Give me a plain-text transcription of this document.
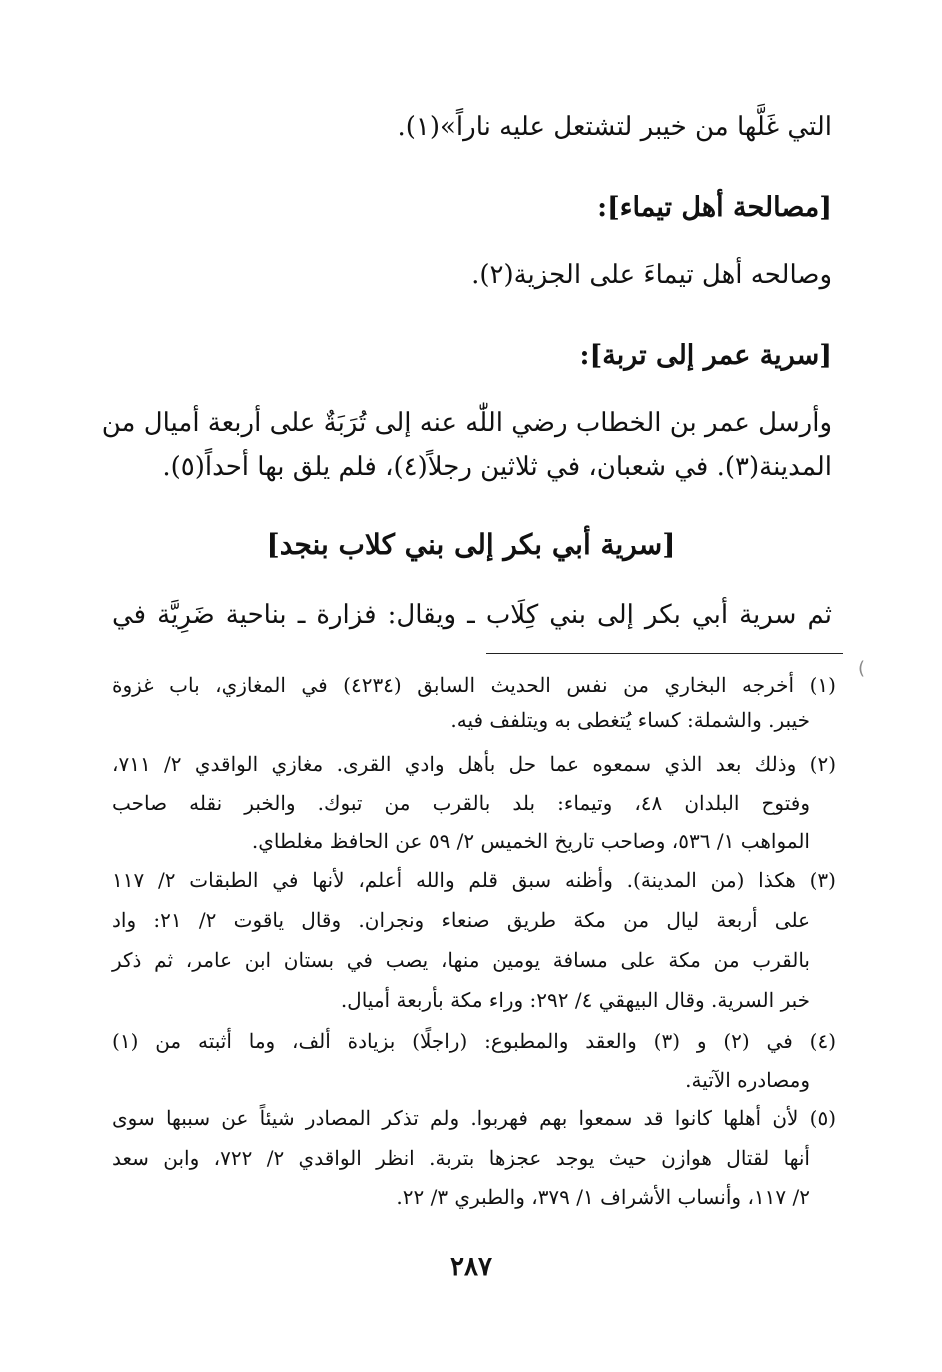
التي غَلَّها من خيبر لتشتعل عليه ناراً»(١).
[مصالحة أهل تيماء]:
وصالحه أهل تيماءَ على الجزية(٢).
[سرية عمر إلى تربة]:
وأرسل عمر بن الخطاب رضي اللّٰه عنه إلى تُرَبَةٌ على أربعة أميال من
المدينة(٣). في شعبان، في ثلاثين رجلاً(٤)، فلم يلق بها أحداً(٥).
[سرية أبي بكر إلى بني كلاب بنجد]
ثم سرية أبي بكر إلى بني كِلَاب ـ ويقال: فزارة ـ بناحية ضَرِيَّة في
(
(١) أخرجه البخاري من نفس الحديث السابق (٤٢٣٤) في المغازي، باب غزوة
خيبر. والشملة: كساء يُتغطى به ويتلفف فيه.
(٢) وذلك بعد الذي سمعوه عما حل بأهل وادي القرى. مغازي الواقدي ٢/ ٧١١،
وفتوح البلدان ٤٨، وتيماء: بلد بالقرب من تبوك. والخبر نقله صاحب
المواهب ١/ ٥٣٦، وصاحب تاريخ الخميس ٢/ ٥٩ عن الحافظ مغلطاي.
(٣) هكذا (من المدينة). وأظنه سبق قلم والله أعلم، لأنها في الطبقات ٢/ ١١٧
على أربعة ليال من مكة طريق صنعاء ونجران. وقال ياقوت ٢/ ٢١: واد
بالقرب من مكة على مسافة يومين منها، يصب في بستان ابن عامر، ثم ذكر
خبر السرية. وقال البيهقي ٤/ ٢٩٢: وراء مكة بأربعة أميال.
(٤) في (٢) و (٣) والعقد والمطبوع: (راجلًا) بزيادة ألف، وما أثبته من (١)
ومصادره الآتية.
(٥) لأن أهلها كانوا قد سمعوا بهم فهربوا. ولم تذكر المصادر شيئاً عن سببها سوى
أنها لقتال هوازن حيث يوجد عجزها بتربة. انظر الواقدي ٢/ ٧٢٢، وابن سعد
٢/ ١١٧، وأنساب الأشراف ١/ ٣٧٩، والطبري ٣/ ٢٢.
٢٨٧
